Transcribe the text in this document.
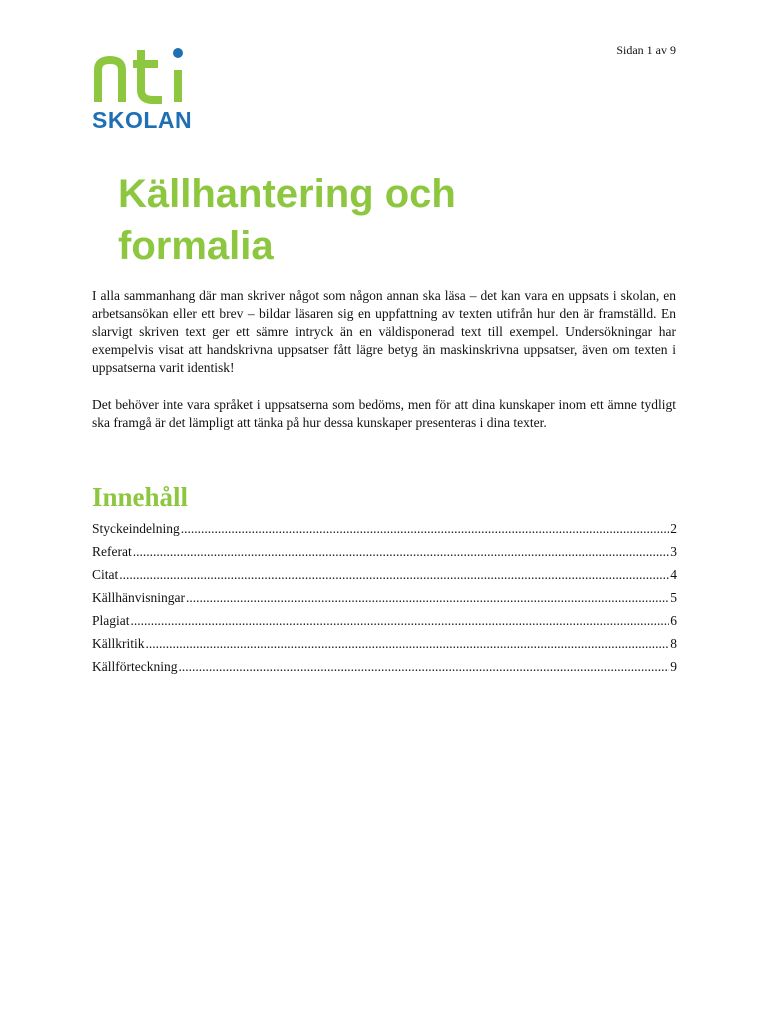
Sidan 1 av 9
SKOLAN
Källhantering och formalia

I alla sammanhang där man skriver något som någon annan ska läsa – det kan vara en uppsats i skolan, en arbetsansökan eller ett brev – bildar läsaren sig en uppfattning av texten utifrån hur den är framställd. En slarvigt skriven text ger ett sämre intryck än en väldisponerad text till exempel. Undersökningar har exempelvis visat att handskrivna uppsatser fått lägre betyg än maskinskrivna uppsatser, även om texten i uppsatserna varit identisk!

Det behöver inte vara språket i uppsatserna som bedöms, men för att dina kunskaper inom ett ämne tydligt ska framgå är det lämpligt att tänka på hur dessa kunskaper presenteras i dina texter.

Innehåll
Styckeindelning .....	2
Referat .....	3
Citat .....	4
Källhänvisningar .....	5
Plagiat .....	6
Källkritik .....	8
Källförteckning .....	9
